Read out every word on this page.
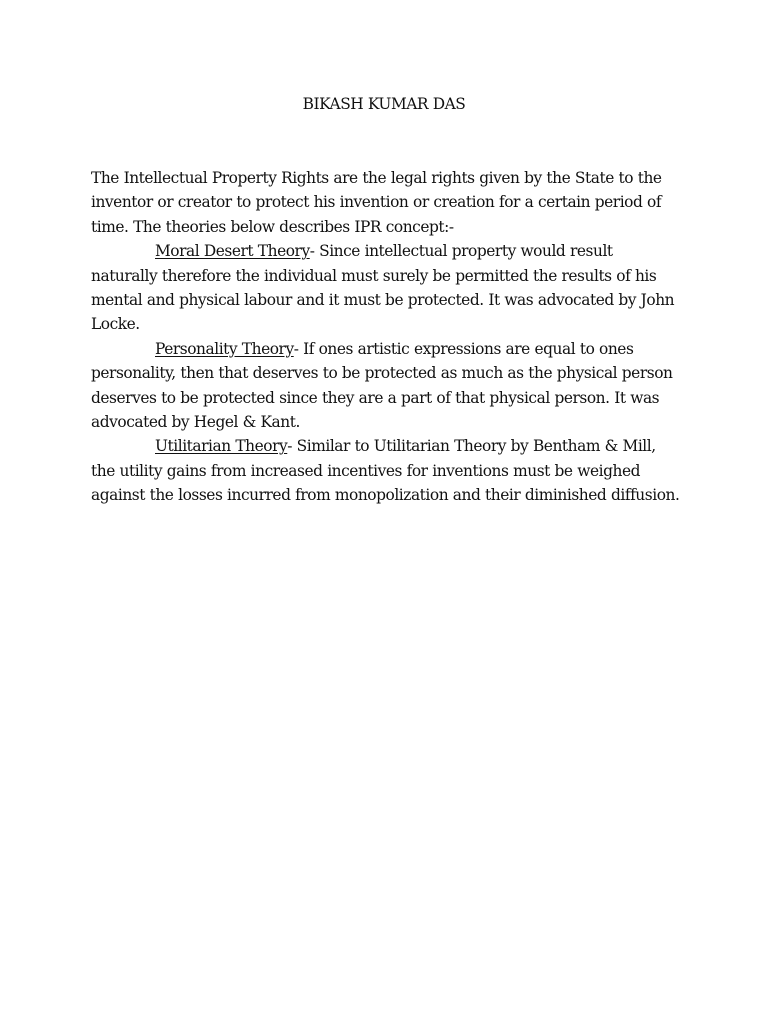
BIKASH KUMAR DAS

The Intellectual Property Rights are the legal rights given by the State to the inventor or creator to protect his invention or creation for a certain period of time. The theories below describes IPR concept:-

Moral Desert Theory- Since intellectual property would result naturally therefore the individual must surely be permitted the results of his mental and physical labour and it must be protected. It was advocated by John Locke.

Personality Theory- If ones artistic expressions are equal to ones personality, then that deserves to be protected as much as the physical person deserves to be protected since they are a part of that physical person. It was advocated by Hegel & Kant.

Utilitarian Theory- Similar to Utilitarian Theory by Bentham & Mill, the utility gains from increased incentives for inventions must be weighed against the losses incurred from monopolization and their diminished diffusion.
